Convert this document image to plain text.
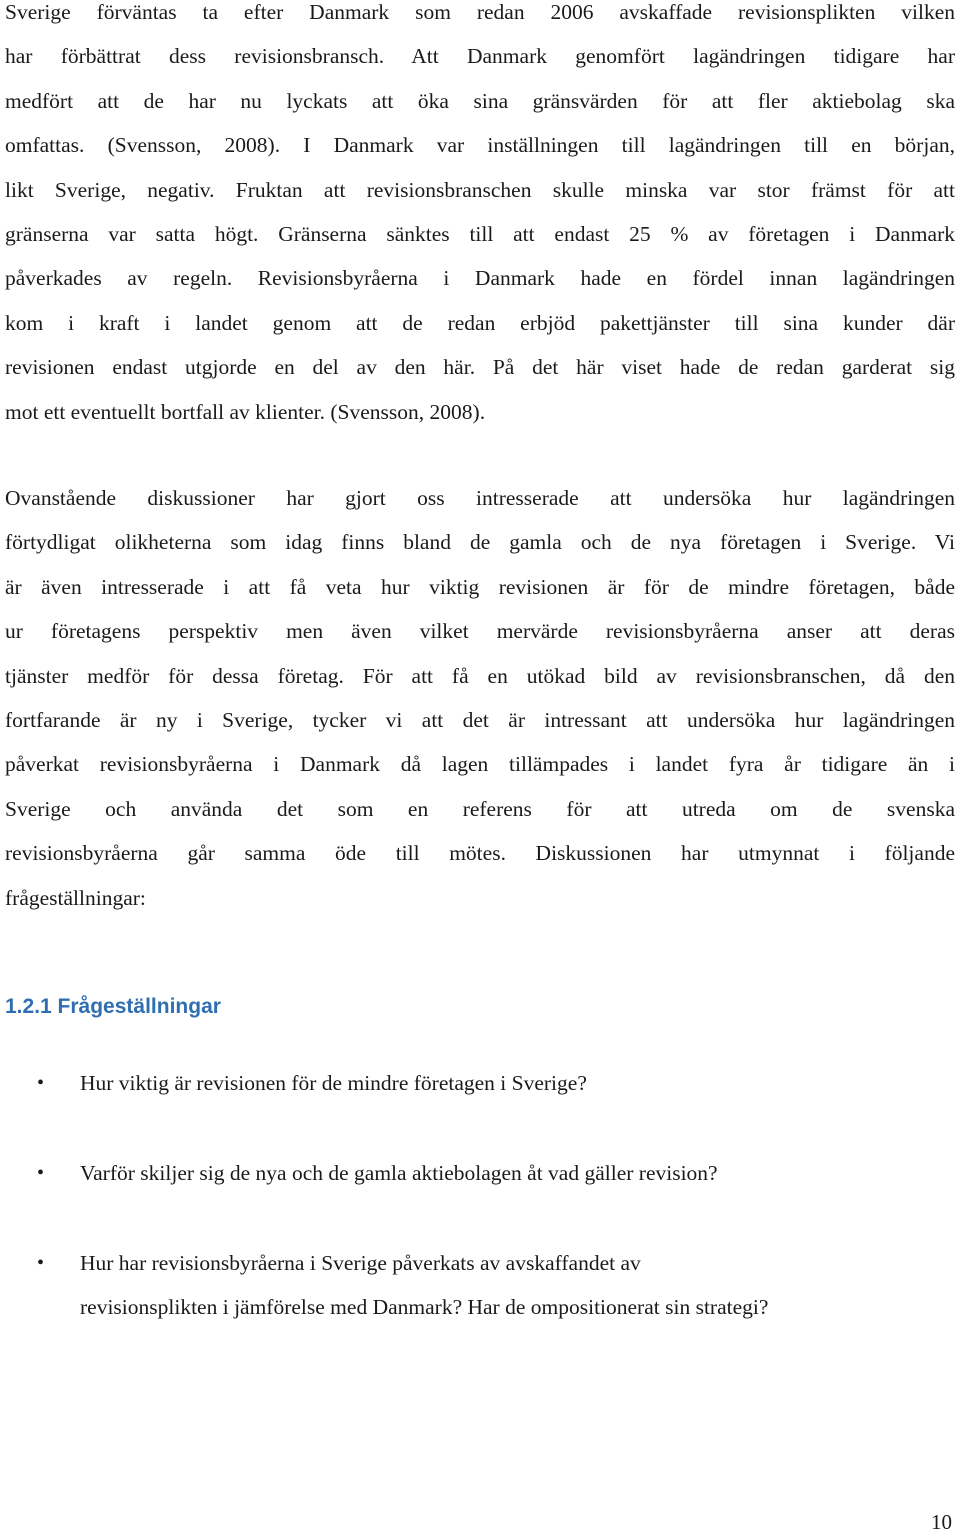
Sverige förväntas ta efter Danmark som redan 2006 avskaffade revisionsplikten vilken
har förbättrat dess revisionsbransch. Att Danmark genomfört lagändringen tidigare har
medfört att de har nu lyckats att öka sina gränsvärden för att fler aktiebolag ska
omfattas. (Svensson, 2008). I Danmark var inställningen till lagändringen till en början,
likt Sverige, negativ. Fruktan att revisionsbranschen skulle minska var stor främst för att
gränserna var satta högt. Gränserna sänktes till att endast 25 % av företagen i Danmark
påverkades av regeln. Revisionsbyråerna i Danmark hade en fördel innan lagändringen
kom i kraft i landet genom att de redan erbjöd pakettjänster till sina kunder där
revisionen endast utgjorde en del av den här. På det här viset hade de redan garderat sig
mot ett eventuellt bortfall av klienter. (Svensson, 2008).

Ovanstående diskussioner har gjort oss intresserade att undersöka hur lagändringen
förtydligat olikheterna som idag finns bland de gamla och de nya företagen i Sverige. Vi
är även intresserade i att få veta hur viktig revisionen är för de mindre företagen, både
ur företagens perspektiv men även vilket mervärde revisionsbyråerna anser att deras
tjänster medför för dessa företag. För att få en utökad bild av revisionsbranschen, då den
fortfarande är ny i Sverige, tycker vi att det är intressant att undersöka hur lagändringen
påverkat revisionsbyråerna i Danmark då lagen tillämpades i landet fyra år tidigare än i
Sverige och använda det som en referens för att utreda om de svenska
revisionsbyråerna går samma öde till mötes. Diskussionen har utmynnat i följande
frågeställningar:

1.2.1 Frågeställningar
• Hur viktig är revisionen för de mindre företagen i Sverige?
• Varför skiljer sig de nya och de gamla aktiebolagen åt vad gäller revision?
• Hur har revisionsbyråerna i Sverige påverkats av avskaffandet av
revisionsplikten i jämförelse med Danmark? Har de ompositionerat sin strategi?
10
